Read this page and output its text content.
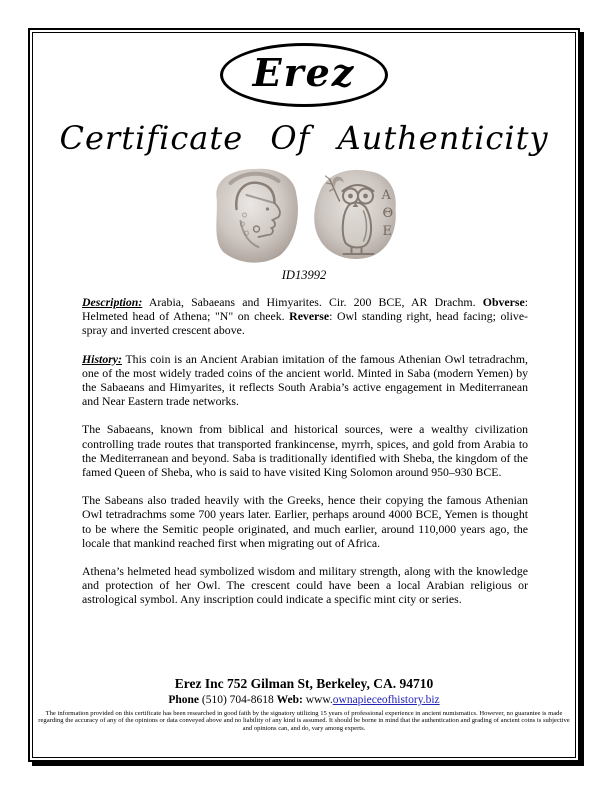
Erez
Certificate Of Authenticity
Α
Θ
Ε
ID13992

Description: Arabia, Sabaeans and Himyarites. Cir. 200 BCE, AR Drachm. Obverse: Helmeted head of Athena; "N" on cheek. Reverse: Owl standing right, head facing; olive-spray and inverted crescent above.

History: This coin is an Ancient Arabian imitation of the famous Athenian Owl tetradrachm, one of the most widely traded coins of the ancient world. Minted in Saba (modern Yemen) by the Sabaeans and Himyarites, it reflects South Arabia’s active engagement in Mediterranean and Near Eastern trade networks.

The Sabaeans, known from biblical and historical sources, were a wealthy civilization controlling trade routes that transported frankincense, myrrh, spices, and gold from Arabia to the Mediterranean and beyond. Saba is traditionally identified with Sheba, the kingdom of the famed Queen of Sheba, who is said to have visited King Solomon around 950–930 BCE.

The Sabeans also traded heavily with the Greeks, hence their copying the famous Athenian Owl tetradrachms some 700 years later. Earlier, perhaps around 4000 BCE, Yemen is thought to be where the Semitic people originated, and much earlier, around 110,000 years ago, the locale that mankind reached first when migrating out of Africa.

Athena’s helmeted head symbolized wisdom and military strength, along with the knowledge and protection of her Owl. The crescent could have been a local Arabian religious or astrological symbol. Any inscription could indicate a specific mint city or series.

Erez Inc 752 Gilman St, Berkeley, CA. 94710
Phone (510) 704-8618 Web: www.ownapieceofhistory.biz
The information provided on this certificate has been researched in good faith by the signatory utilizing 15 years of professional experience in ancient numismatics. However, no guarantee is made regarding the accuracy of any of the opinions or data conveyed above and no liability of any kind is assumed. It should be borne in mind that the authentication and grading of ancient coins is subjective and opinions can, and do, vary among experts.
